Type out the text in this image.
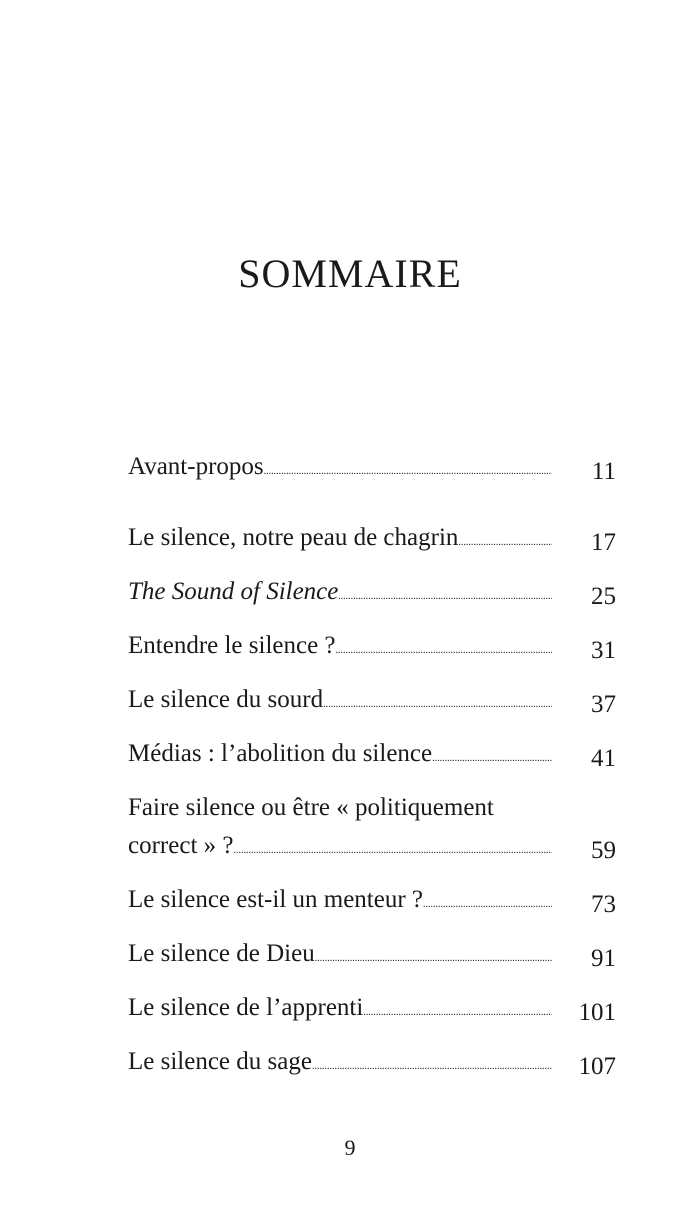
SOMMAIRE
Avant-propos .....	11
Le silence, notre peau de chagrin .....	17
The Sound of Silence .....	25
Entendre le silence ? .....	31
Le silence du sourd .....	37
Médias : l’abolition du silence .....	41
Faire silence ou être « politiquement
correct » ? .....	59
Le silence est-il un menteur ? .....	73
Le silence de Dieu .....	91
Le silence de l’apprenti .....	101
Le silence du sage .....	107
9
